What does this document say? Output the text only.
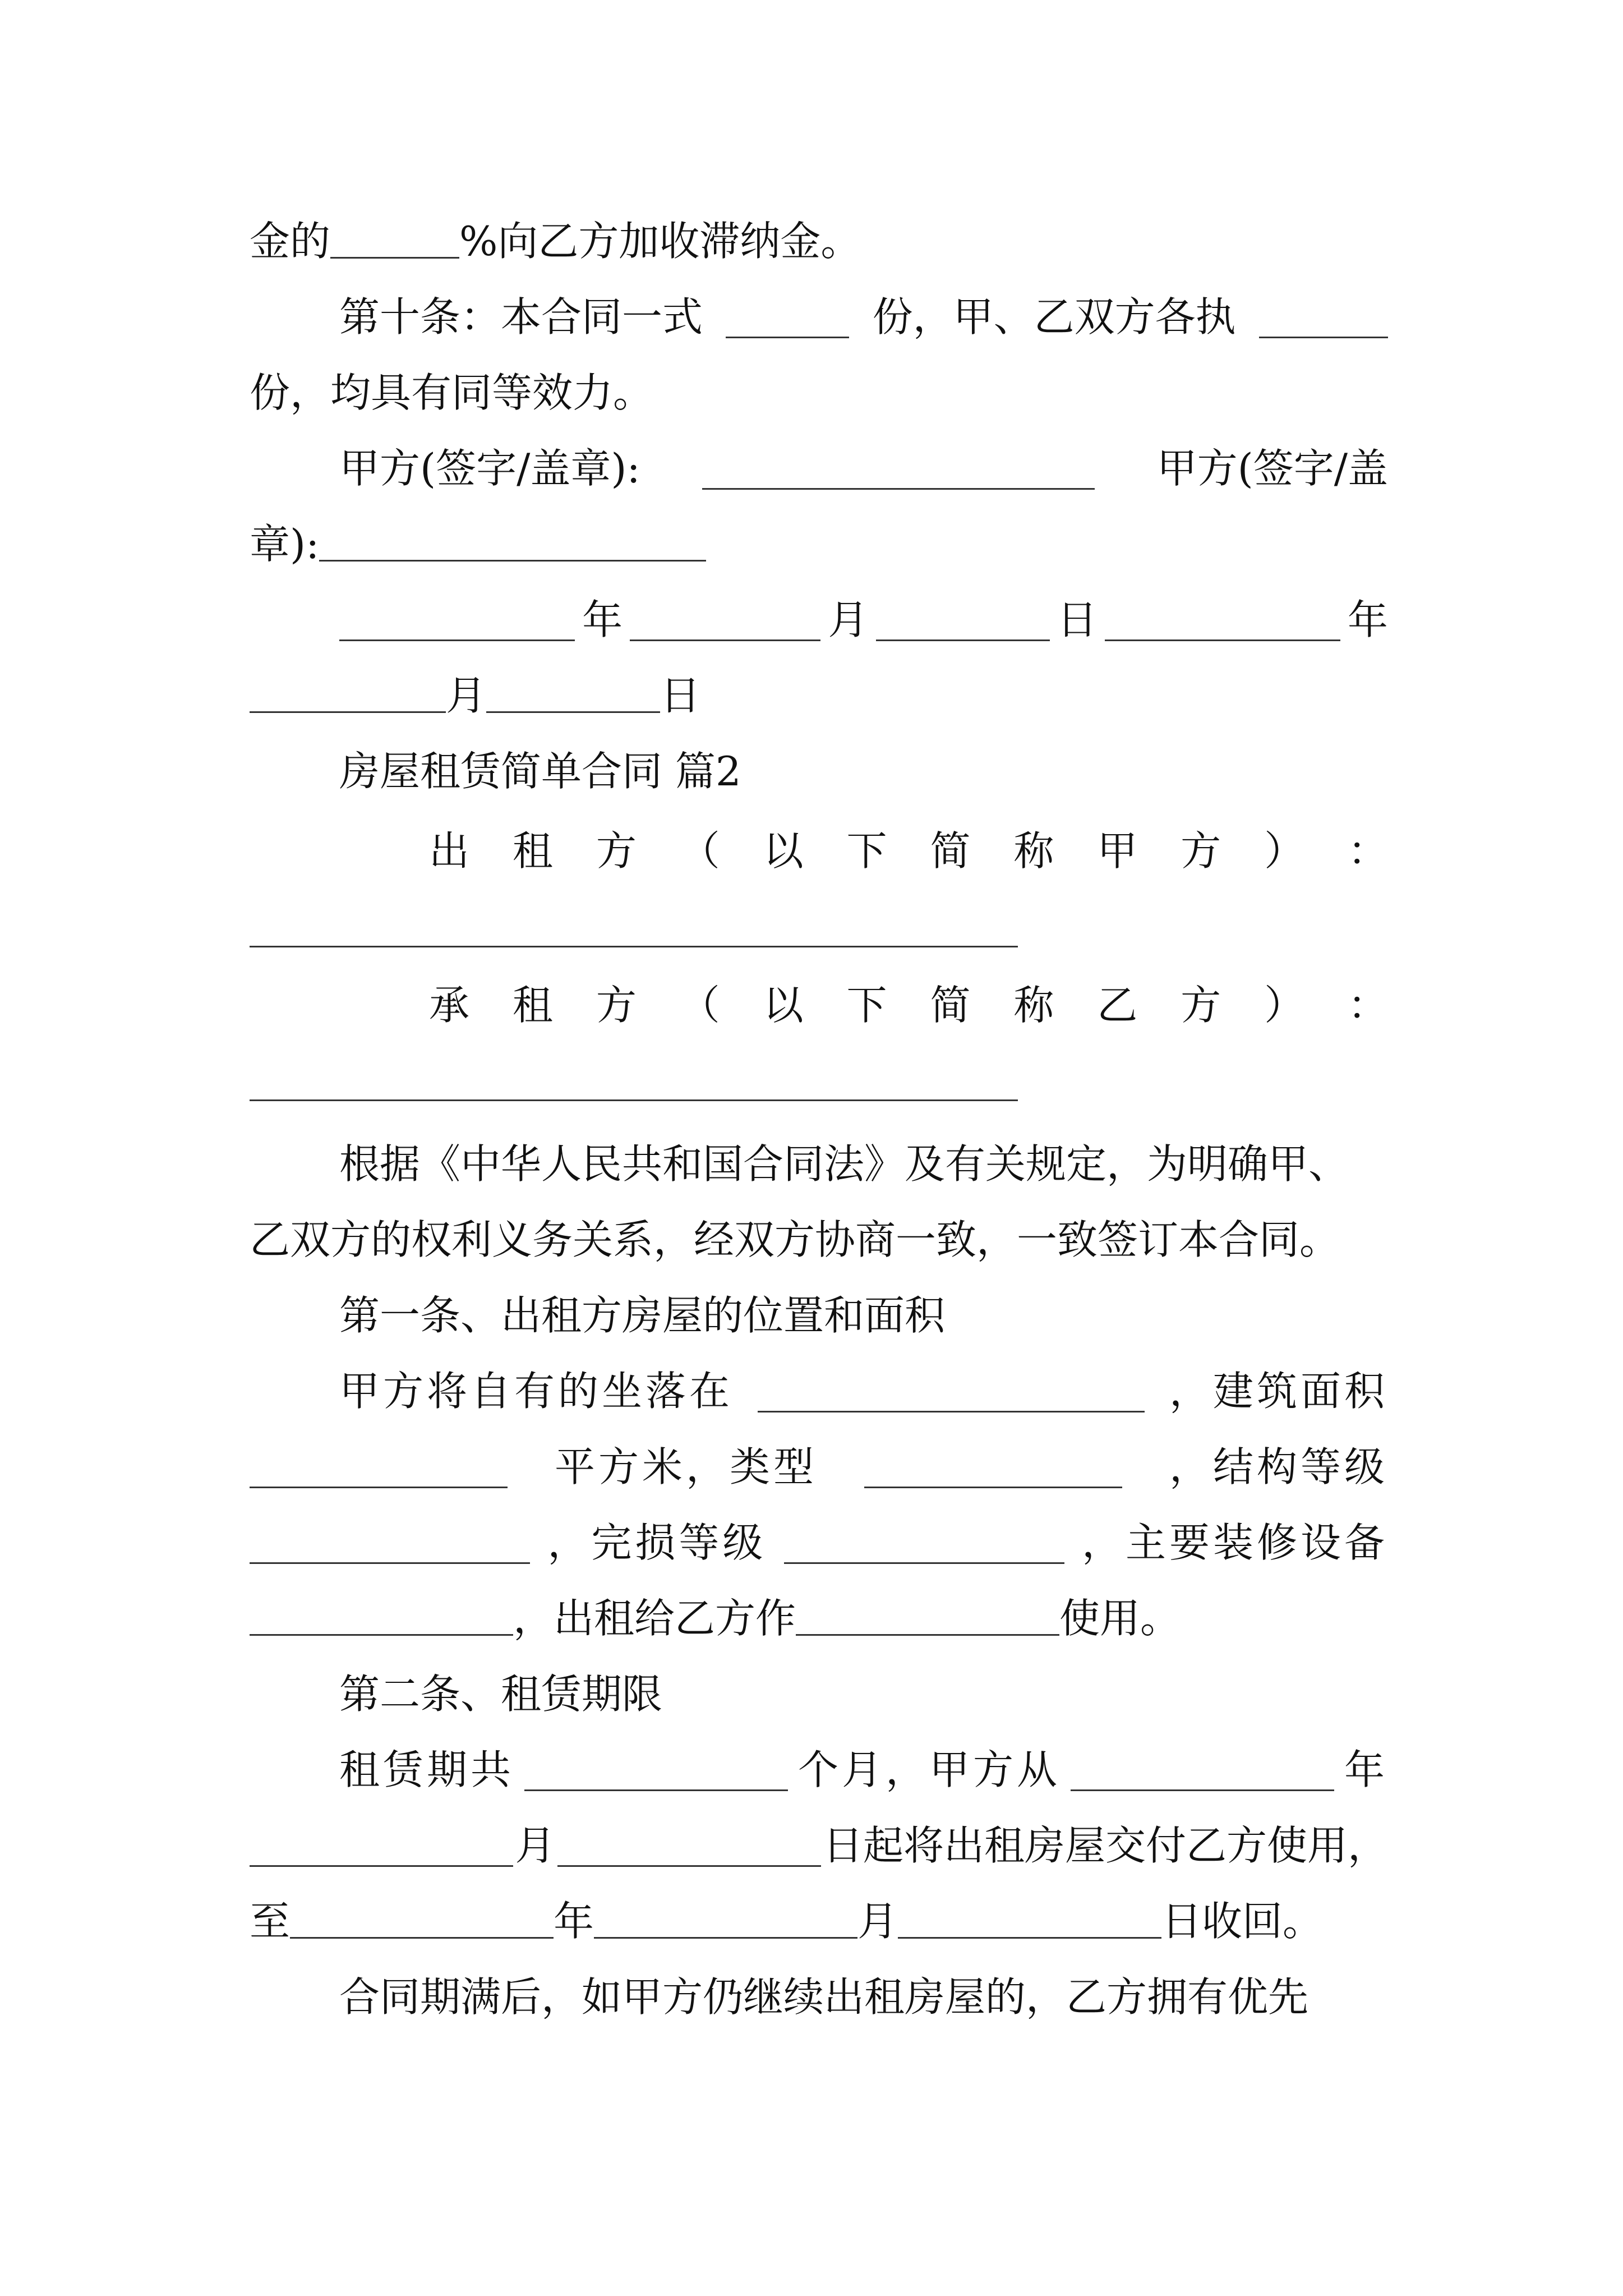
金的	%向乙方加收滞纳金。
第十条：本合同一式	份，甲、乙双方各执
份，均具有同等效力。
甲方(签字/盖章):	甲方(签字/盖
章):
年	月	日	年
月	日
房屋租赁简单合同 篇2
出 租 方 （ 以 下 简 称 甲 方 ） ：
承 租 方 （ 以 下 简 称 乙 方 ） ：
根据《中华人民共和国合同法》及有关规定，为明确甲、
乙双方的权利义务关系，经双方协商一致，一致签订本合同。
第一条、出租方房屋的位置和面积
甲方将自有的坐落在	，建筑面积
平方米，类型	，结构等级
，完损等级	，主要装修设备
，出租给乙方作	使用。
第二条、租赁期限
租赁期共	个月，甲方从	年
月	日起将出租房屋交付乙方使用，
至	年	月	日收回。
合同期满后，如甲方仍继续出租房屋的，乙方拥有优先
